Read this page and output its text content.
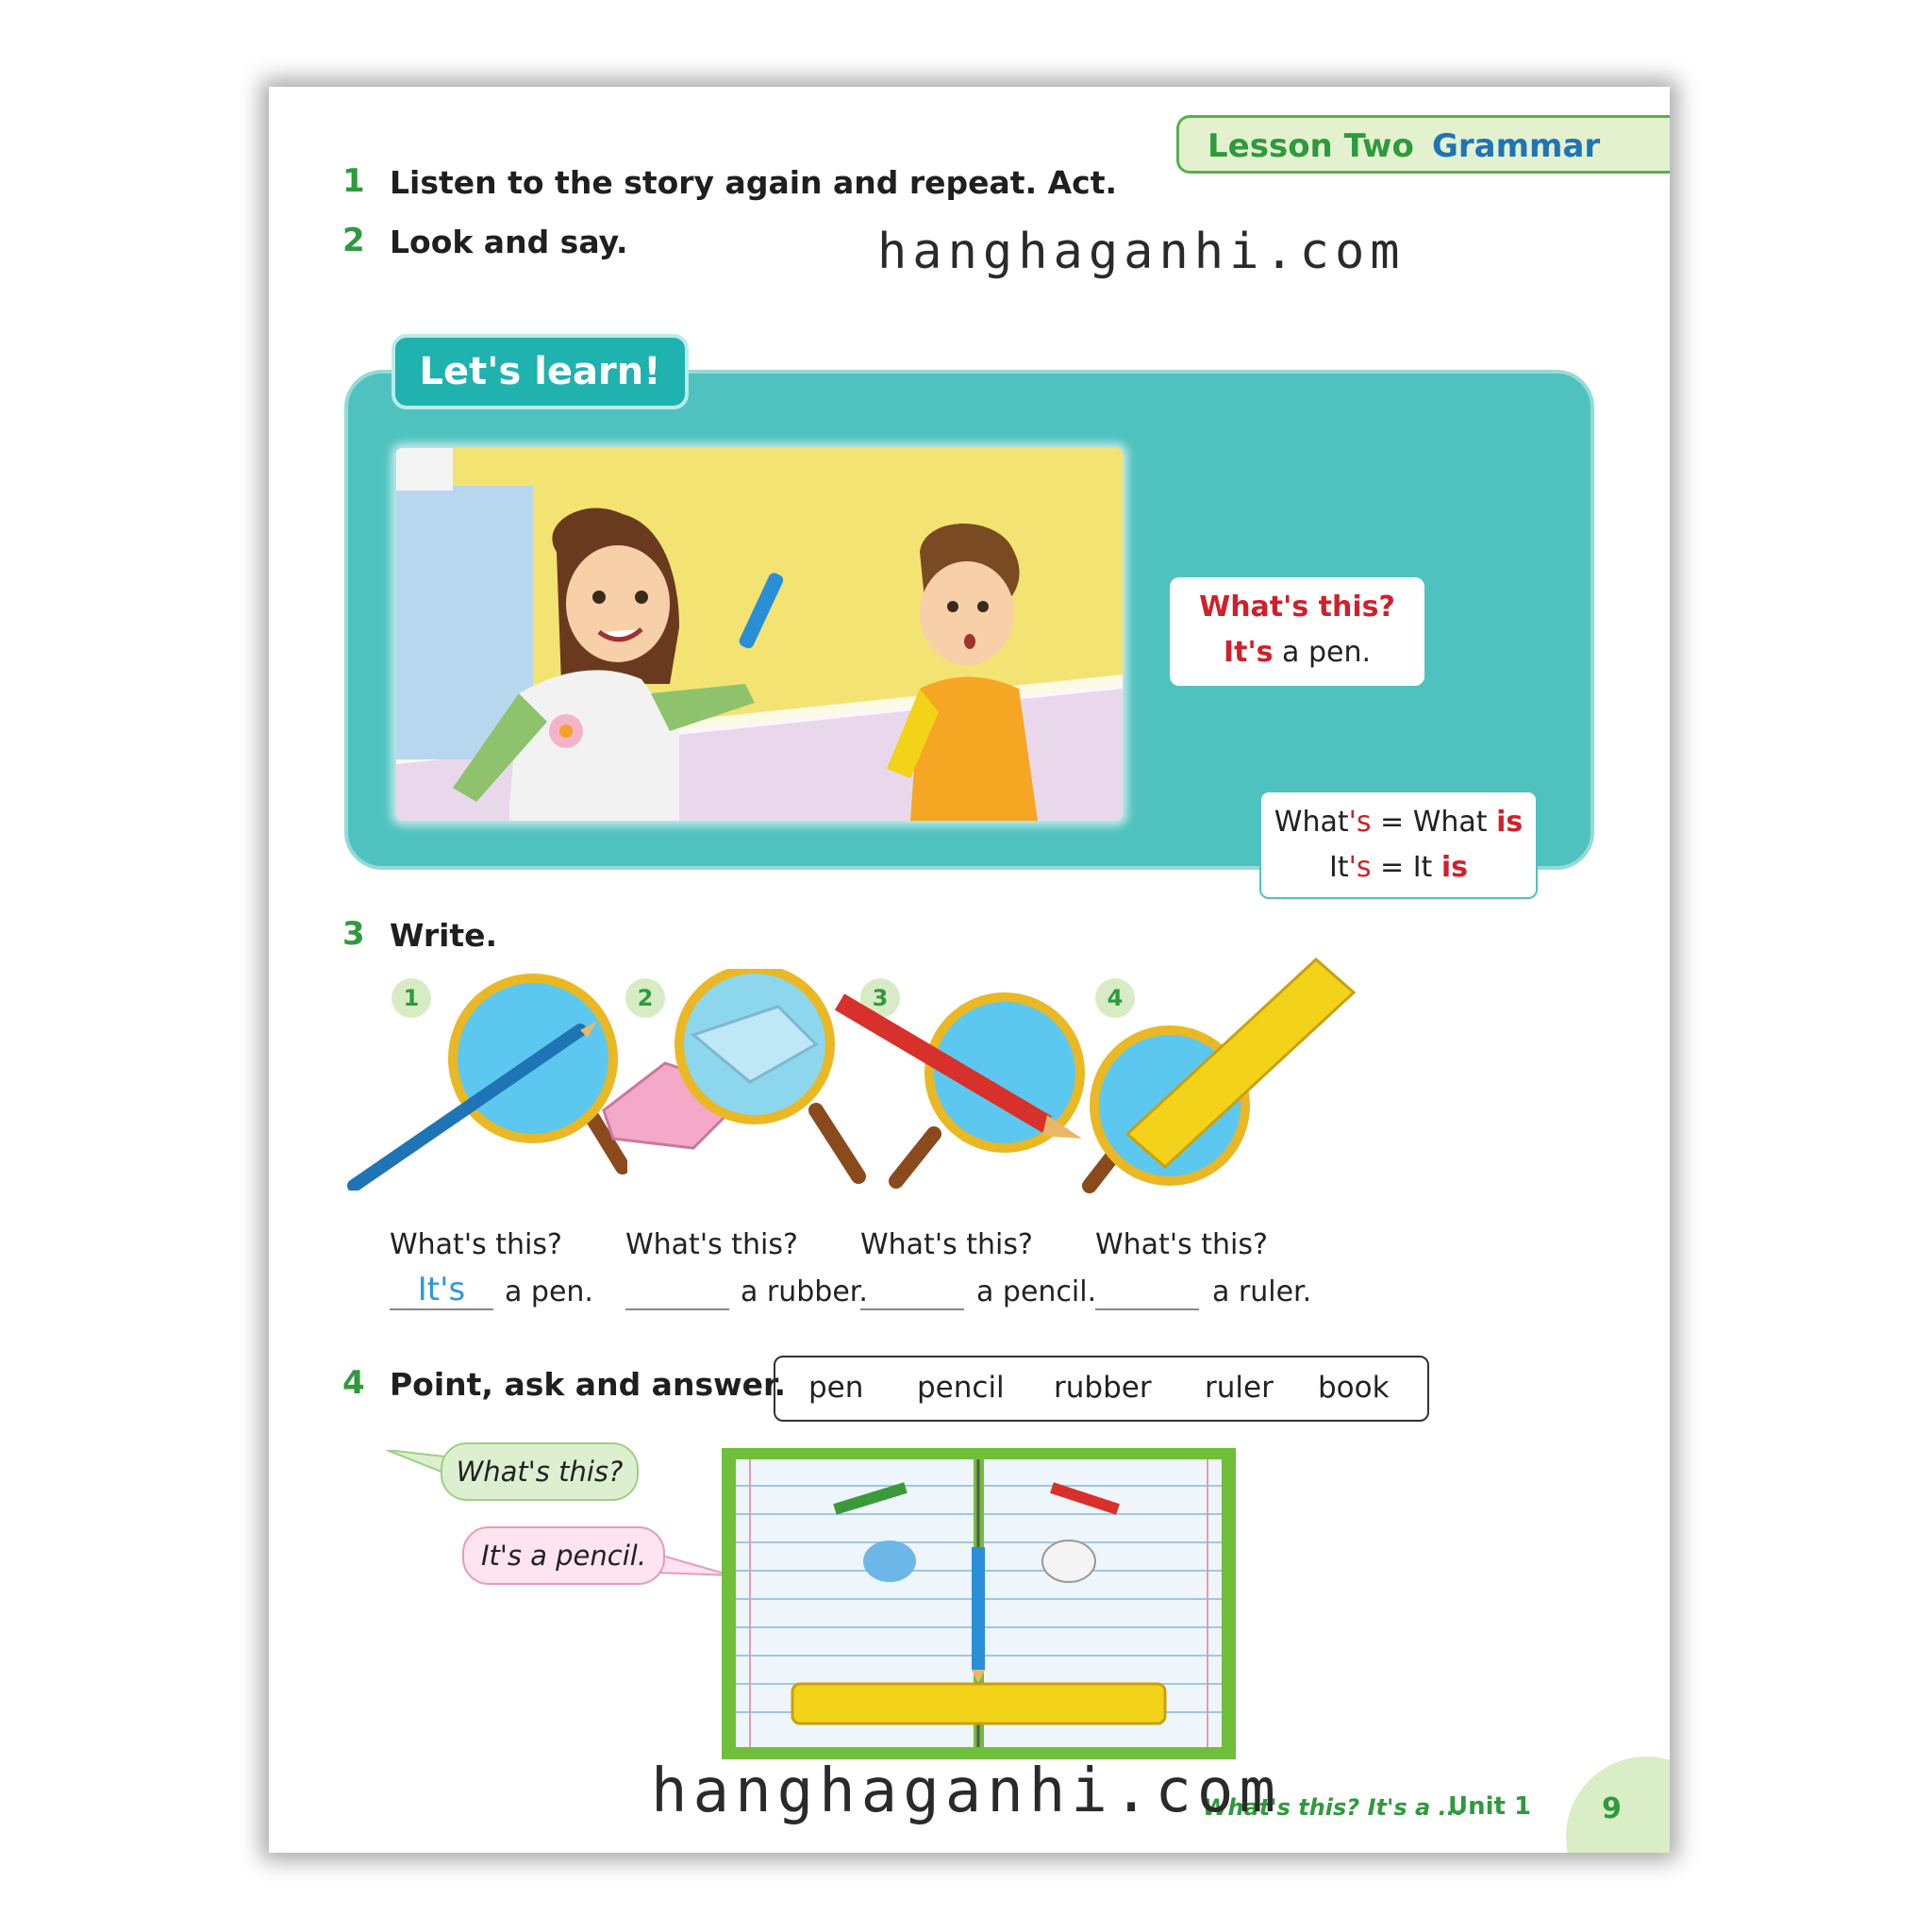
Lesson Two Grammar
1 Listen to the story again and repeat. Act.
2 Look and say.	hanghaganhi.com
Let's learn!
What's this?
It's a pen.
What's = What is
It's = It is
3 Write.
1
What's this?
It's	a pen.
2
What's this?
a rubber.
3
What's this?
a pencil.
4
What's this?
a ruler.
4 Point, ask and answer. pen pencil rubber ruler book
What's this?
It's a pencil.
What's this? It's a ...
Unit 1 9
hanghaganhi.com
